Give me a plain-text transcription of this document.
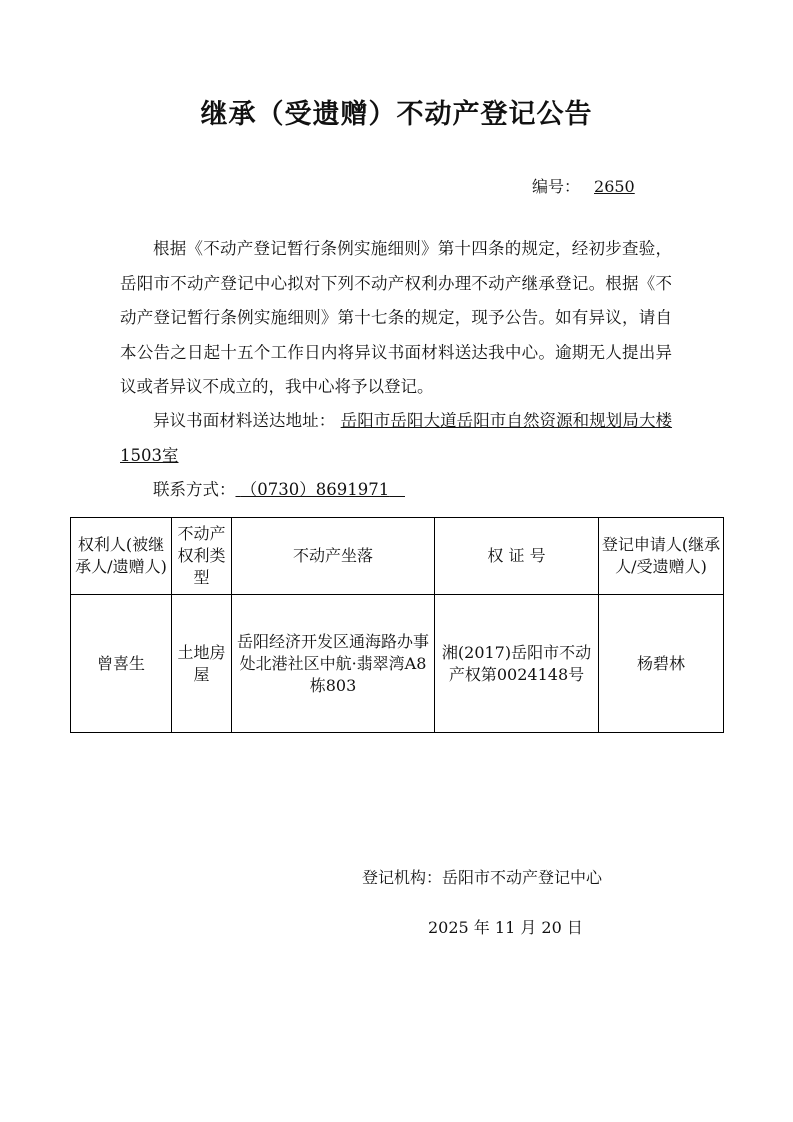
继承（受遗赠）不动产登记公告
编号： 2650
根据《不动产登记暂行条例实施细则》第十四条的规定，经初步查验，岳阳市不动产登记中心拟对下列不动产权利办理不动产继承登记。根据《不动产登记暂行条例实施细则》第十七条的规定，现予公告。如有异议，请自本公告之日起十五个工作日内将异议书面材料送达我中心。逾期无人提出异议或者异议不成立的，我中心将予以登记。
异议书面材料送达地址： 岳阳市岳阳大道岳阳市自然资源和规划局大楼1503室
联系方式： （0730）8691971
权利人(被继承人/遗赠人)	不动产权利类型	不动产坐落	权 证 号	登记申请人(继承人/受遗赠人)
曾喜生	土地房屋	岳阳经济开发区通海路办事处北港社区中航·翡翠湾A8栋803	湘(2017)岳阳市不动产权第0024148号	杨碧林
登记机构：岳阳市不动产登记中心
2025 年 11 月 20 日
